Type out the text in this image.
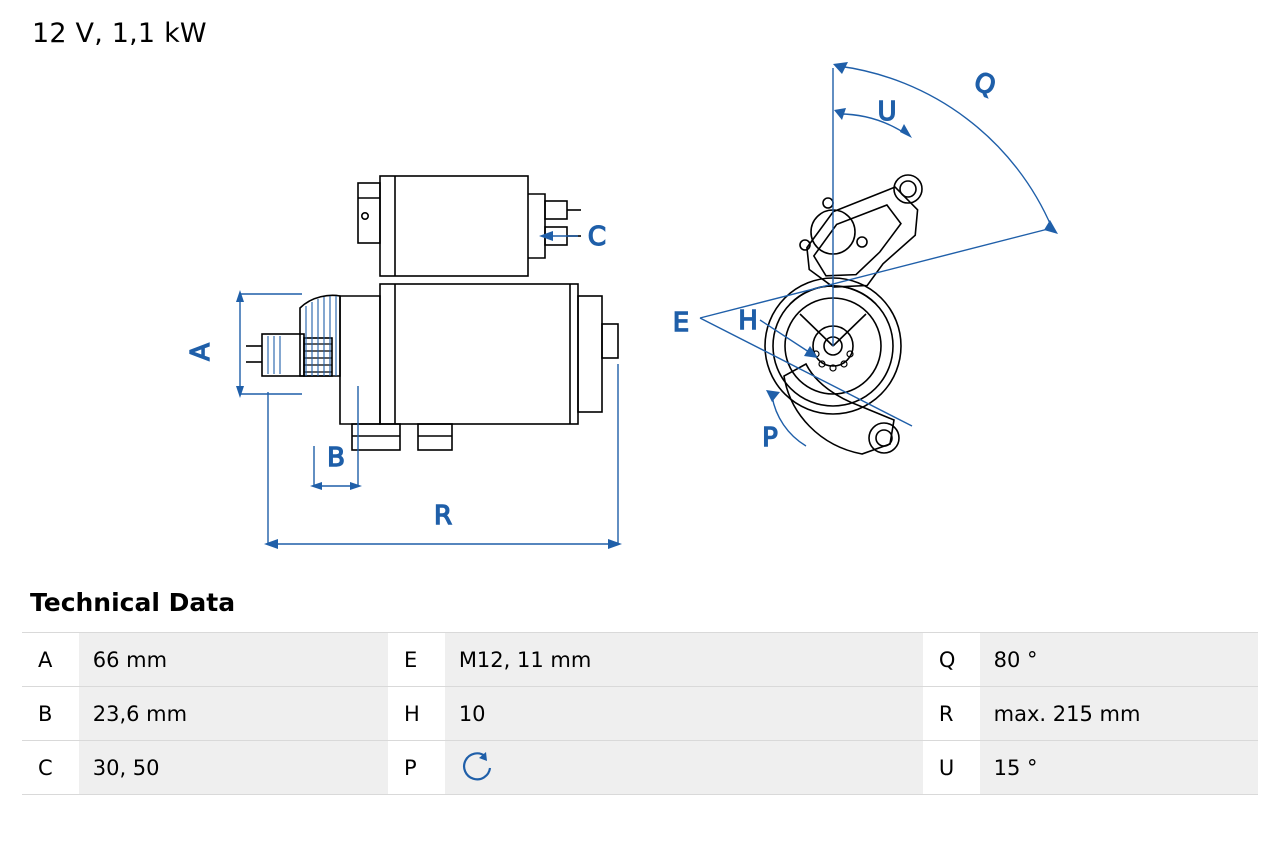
12 V, 1,1 kW
A
B
R
C
Q
U
E H
P
Technical Data
A	66 mm	E	M12, 11 mm	Q	80 °
B	23,6 mm	H	10	R	max. 215 mm
C	30, 50	P		U	15 °
